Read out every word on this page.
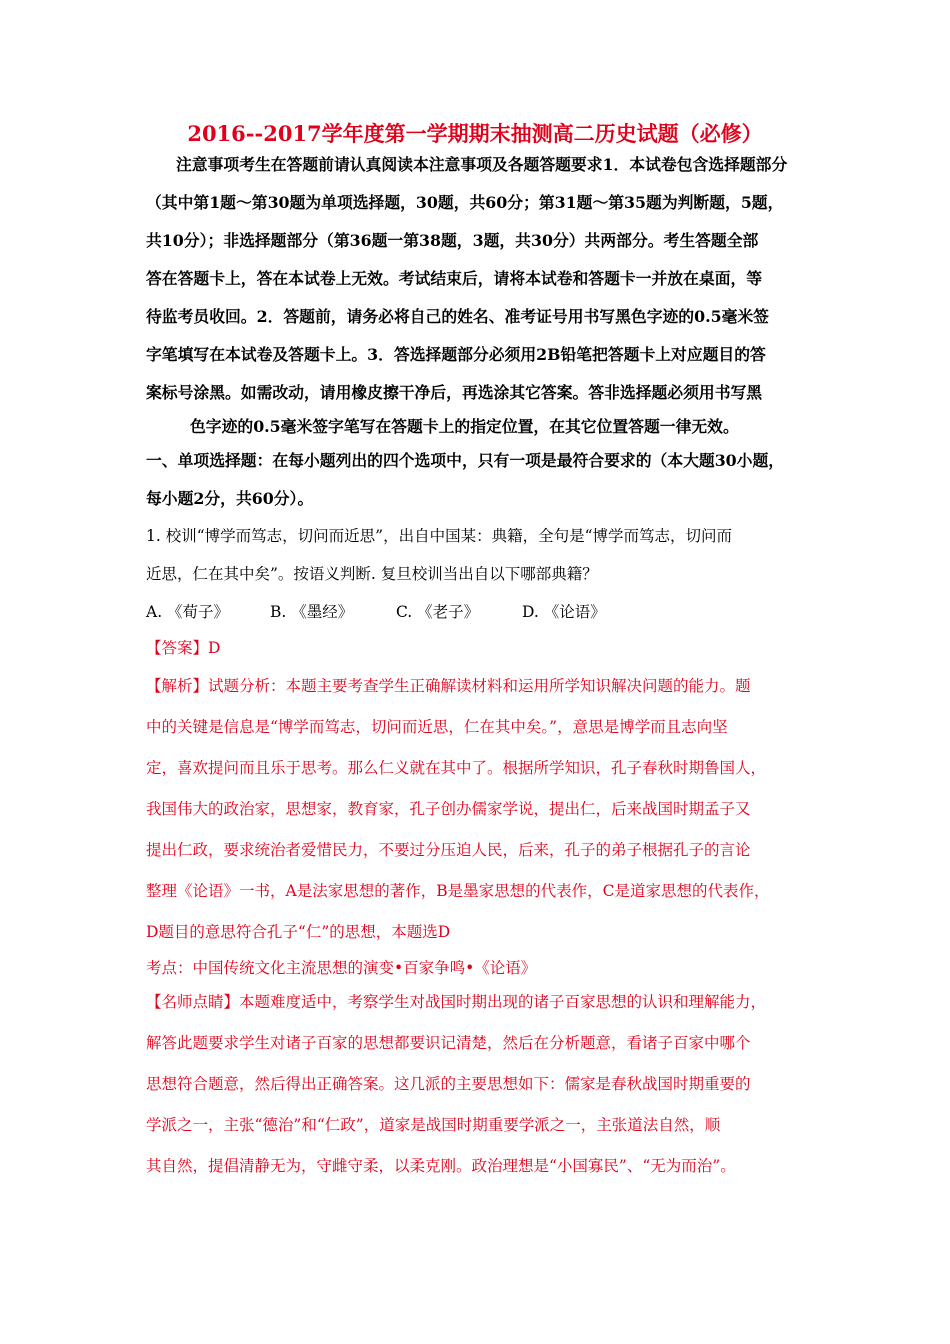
2016--2017学年度第一学期期末抽测高二历史试题（必修）
注意事项考生在答题前请认真阅读本注意事项及各题答题要求1．本试卷包含选择题部分
（其中第1题～第30题为单项选择题，30题，共60分；第31题～第35题为判断题，5题，
共10分）；非选择题部分（第36题一第38题，3题，共30分）共两部分。考生答题全部
答在答题卡上，答在本试卷上无效。考试结束后，请将本试卷和答题卡一并放在桌面，等
待监考员收回。2．答题前，请务必将自己的姓名、准考证号用书写黑色字迹的0.5毫米签
字笔填写在本试卷及答题卡上。3．答选择题部分必须用2B铅笔把答题卡上对应题目的答
案标号涂黑。如需改动，请用橡皮擦干净后，再选涂其它答案。答非选择题必须用书写黑
色字迹的0.5毫米签字笔写在答题卡上的指定位置，在其它位置答题一律无效。
一、单项选择题：在每小题列出的四个选项中，只有一项是最符合要求的（本大题30小题，
每小题2分，共60分）。
1. 校训“博学而笃志，切问而近思”，出自中国某：典籍，全句是“博学而笃志，切问而
近思，仁在其中矣”。按语义判断. 复旦校训当出自以下哪部典籍？
A. 《荀子》	B. 《墨经》	C. 《老子》	D. 《论语》
【答案】D
【解析】试题分析：本题主要考查学生正确解读材料和运用所学知识解决问题的能力。题
中的关键是信息是“博学而笃志，切问而近思，仁在其中矣。”，意思是博学而且志向坚
定，喜欢提问而且乐于思考。那么仁义就在其中了。根据所学知识，孔子春秋时期鲁国人，
我国伟大的政治家，思想家，教育家，孔子创办儒家学说，提出仁，后来战国时期孟子又
提出仁政，要求统治者爱惜民力，不要过分压迫人民，后来，孔子的弟子根据孔子的言论
整理《论语》一书，A是法家思想的著作，B是墨家思想的代表作，C是道家思想的代表作，
D题目的意思符合孔子“仁”的思想，本题选D
考点：中国传统文化主流思想的演变•百家争鸣•《论语》
【名师点睛】本题难度适中，考察学生对战国时期出现的诸子百家思想的认识和理解能力，
解答此题要求学生对诸子百家的思想都要识记清楚，然后在分析题意，看诸子百家中哪个
思想符合题意，然后得出正确答案。这几派的主要思想如下：儒家是春秋战国时期重要的
学派之一，主张“德治”和“仁政”，道家是战国时期重要学派之一，主张道法自然，顺
其自然，提倡清静无为，守雌守柔，以柔克刚。政治理想是“小国寡民”、“无为而治”。
